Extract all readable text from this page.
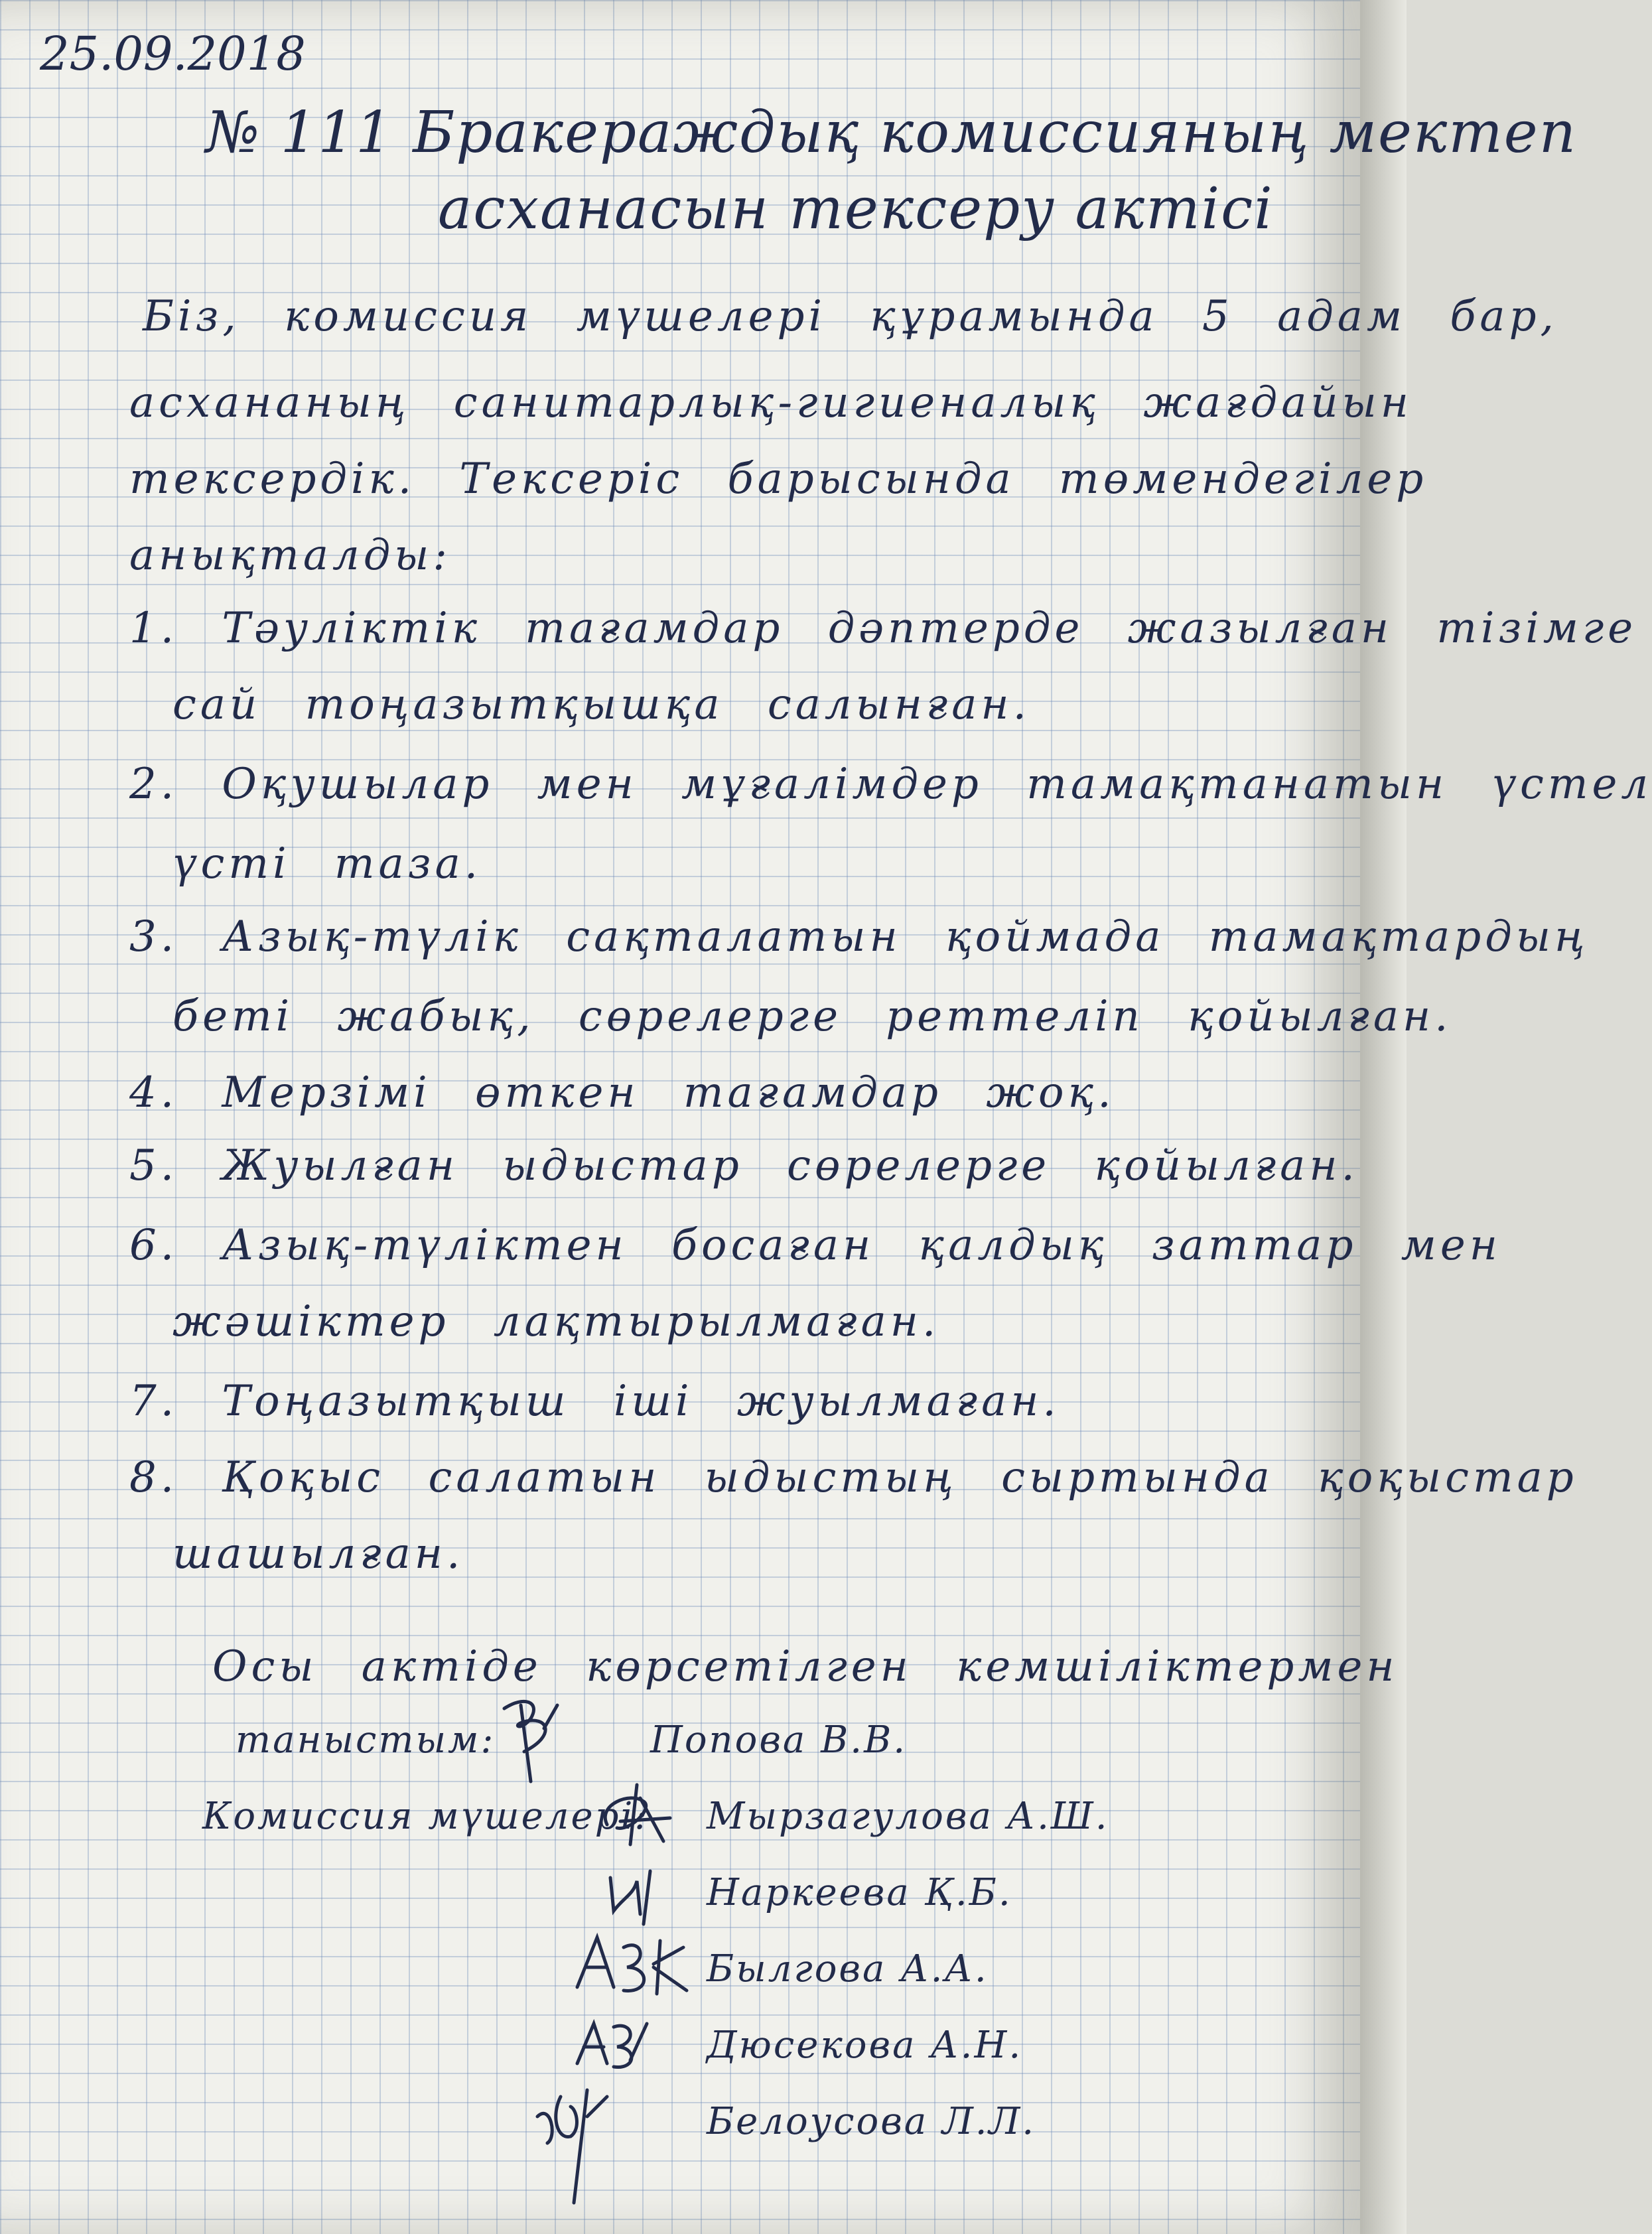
25.09.2018
№ 111 Бракераждық комиссияның мектеп
асханасын тексеру актісі
Біз, комиссия мүшелері құрамында 5 адам бар,
асхананың санитарлық-гигиеналық жағдайын
тексердік. Тексеріс барысында төмендегілер
анықталды:
1. Тәуліктік тағамдар дәптерде жазылған тізімге
сай тоңазытқышқа салынған.
2. Оқушылар мен мұғалімдер тамақтанатын үстел
үсті таза.
3. Азық-түлік сақталатын қоймада тамақтардың
беті жабық, сөрелерге реттеліп қойылған.
4. Мерзімі өткен тағамдар жоқ.
5. Жуылған ыдыстар сөрелерге қойылған.
6. Азық-түліктен босаған қалдық заттар мен
жәшіктер лақтырылмаған.
7. Тоңазытқыш іші жуылмаған.
8. Қоқыс салатын ыдыстың сыртында қоқыстар
шашылған.
Осы актіде көрсетілген кемшіліктермен
таныстым:	Попова В.В.
Комиссия мүшелері: Мырзагулова А.Ш.
Наркеева Қ.Б.
Былгова А.А.
Дюсекова А.Н.
Белоусова Л.Л.
